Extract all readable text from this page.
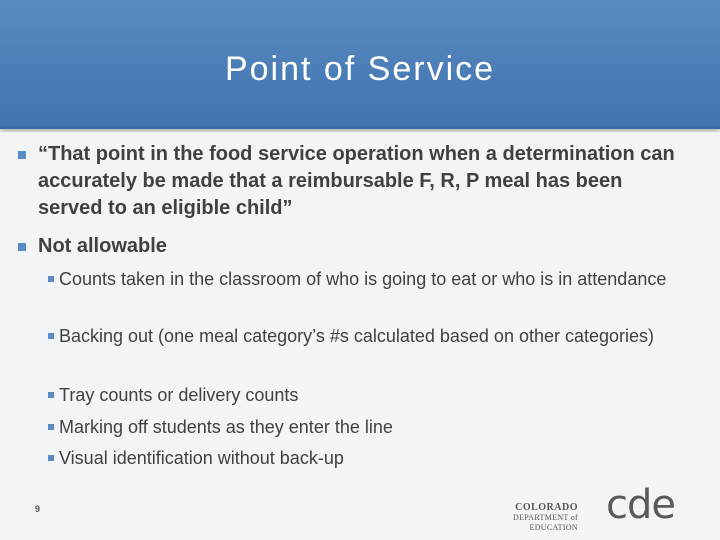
Point of Service
“That point in the food service operation when a determination can accurately be made that a reimbursable F, R, P meal has been served to an eligible child”
Not allowable
Counts taken in the classroom of who is going to eat or who is in attendance
Backing out (one meal category’s #s calculated based on other categories)
Tray counts or delivery counts
Marking off students as they enter the line
Visual identification without back-up
9	COLORADO
DEPARTMENT of EDUCATION cde
